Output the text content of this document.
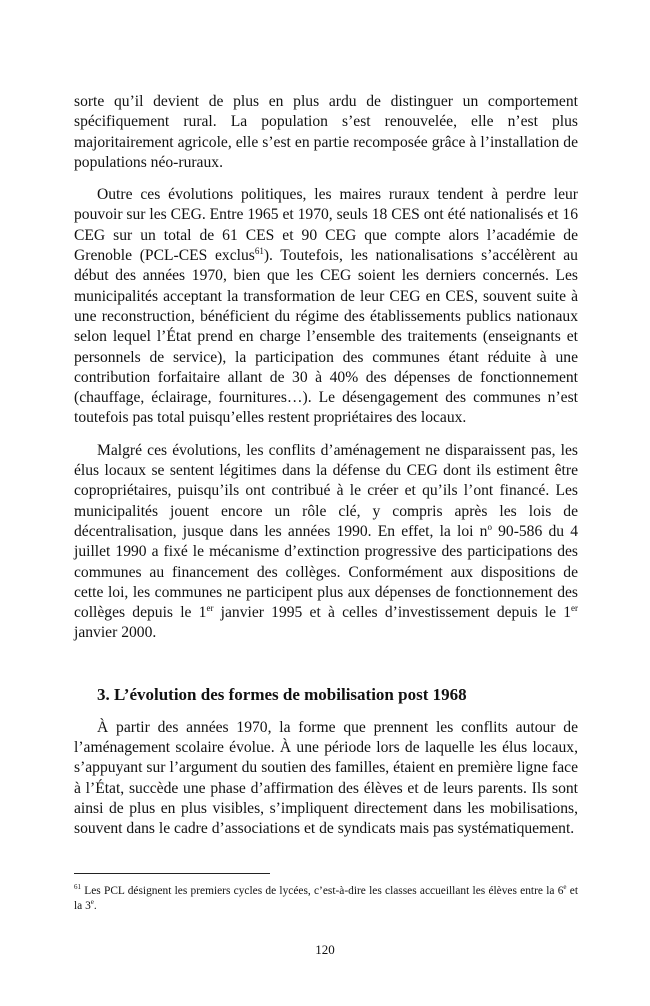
sorte qu’il devient de plus en plus ardu de distinguer un comportement spécifiquement rural. La population s’est renouvelée, elle n’est plus majoritairement agricole, elle s’est en partie recomposée grâce à l’installation de populations néo-ruraux.

Outre ces évolutions politiques, les maires ruraux tendent à perdre leur pouvoir sur les CEG. Entre 1965 et 1970, seuls 18 CES ont été nationalisés et 16 CEG sur un total de 61 CES et 90 CEG que compte alors l’académie de Grenoble (PCL-CES exclus$^{61}$). Toutefois, les nationalisations s’accélèrent au début des années 1970, bien que les CEG soient les derniers concernés. Les municipalités acceptant la transformation de leur CEG en CES, souvent suite à une reconstruction, bénéficient du régime des établissements publics nationaux selon lequel l’État prend en charge l’ensemble des traitements (enseignants et personnels de service), la participation des communes étant réduite à une contribution forfaitaire allant de 30 à 40% des dépenses de fonctionnement (chauffage, éclairage, fournitures…). Le désengagement des communes n’est toutefois pas total puisqu’elles restent propriétaires des locaux.

Malgré ces évolutions, les conflits d’aménagement ne disparaissent pas, les élus locaux se sentent légitimes dans la défense du CEG dont ils estiment être copropriétaires, puisqu’ils ont contribué à le créer et qu’ils l’ont financé. Les municipalités jouent encore un rôle clé, y compris après les lois de décentralisation, jusque dans les années 1990. En effet, la loi $n^o$ 90-586 du 4 juillet 1990 a fixé le mécanisme d’extinction progressive des participations des communes au financement des collèges. Conformément aux dispositions de cette loi, les communes ne participent plus aux dépenses de fonctionnement des collèges depuis le 1er janvier 1995 et à celles d’investissement depuis le 1er janvier 2000.

3. L’évolution des formes de mobilisation post 1968

À partir des années 1970, la forme que prennent les conflits autour de l’aménagement scolaire évolue. À une période lors de laquelle les élus locaux, s’appuyant sur l’argument du soutien des familles, étaient en première ligne face à l’État, succède une phase d’affirmation des élèves et de leurs parents. Ils sont ainsi de plus en plus visibles, s’impliquent directement dans les mobilisations, souvent dans le cadre d’associations et de syndicats mais pas systématiquement.

$^{61}$ Les PCL désignent les premiers cycles de lycées, c’est-à-dire les classes accueillant les élèves entre la 6e et la 3e.

120
